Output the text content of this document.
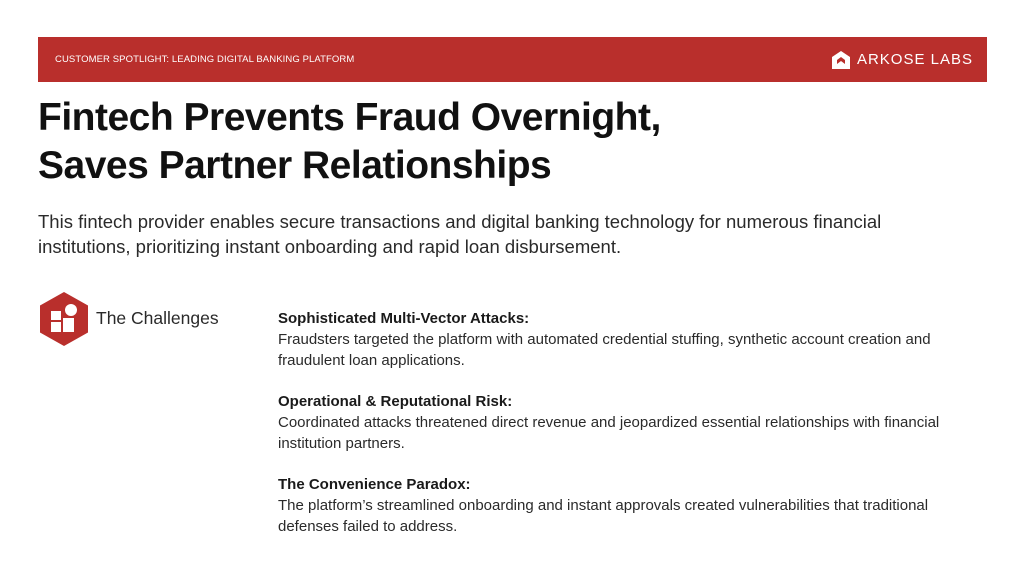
CUSTOMER SPOTLIGHT: LEADING DIGITAL BANKING PLATFORM	ARKOSE LABS
Fintech Prevents Fraud Overnight,
Saves Partner Relationships

This fintech provider enables secure transactions and digital banking technology for numerous financial institutions, prioritizing instant onboarding and rapid loan disbursement.

The Challenges	Sophisticated Multi-Vector Attacks:

Fraudsters targeted the platform with automated credential stuffing, synthetic account creation and fraudulent loan applications.

Operational & Reputational Risk:

Coordinated attacks threatened direct revenue and jeopardized essential relationships with financial institution partners.

The Convenience Paradox:

The platform’s streamlined onboarding and instant approvals created vulnerabilities that traditional defenses failed to address.
